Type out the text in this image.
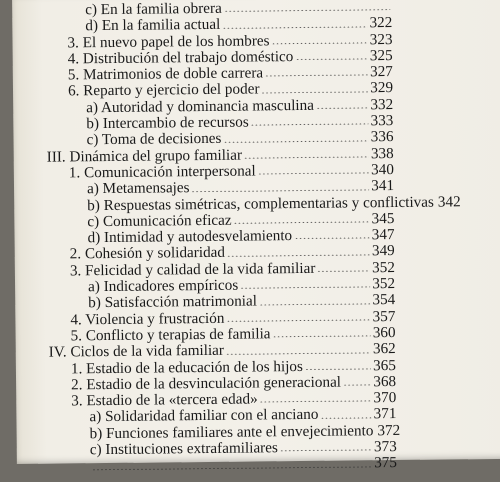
c) En la familia obrera
d) En la familia actual	322
3. El nuevo papel de los hombres	323
4. Distribución del trabajo doméstico	325
5. Matrimonios de doble carrera	327
6. Reparto y ejercicio del poder	329
a) Autoridad y dominancia masculina	332
b) Intercambio de recursos	333
c) Toma de decisiones	336
III. Dinámica del grupo familiar	338
1. Comunicación interpersonal	340
a) Metamensajes	341
b) Respuestas simétricas, complementarias y conflictivas 342
c) Comunicación eficaz	345
d) Intimidad y autodesvelamiento	347
2. Cohesión y solidaridad	349
3. Felicidad y calidad de la vida familiar	352
a) Indicadores empíricos	352
b) Satisfacción matrimonial	354
4. Violencia y frustración	357
5. Conflicto y terapias de familia	360
IV. Ciclos de la vida familiar	362
1. Estadio de la educación de los hijos	365
2. Estadio de la desvinculación generacional 368
3. Estadio de la «tercera edad»	370
a) Solidaridad familiar con el anciano	371
b) Funciones familiares ante el envejecimiento 372
c) Instituciones extrafamiliares	373
375
